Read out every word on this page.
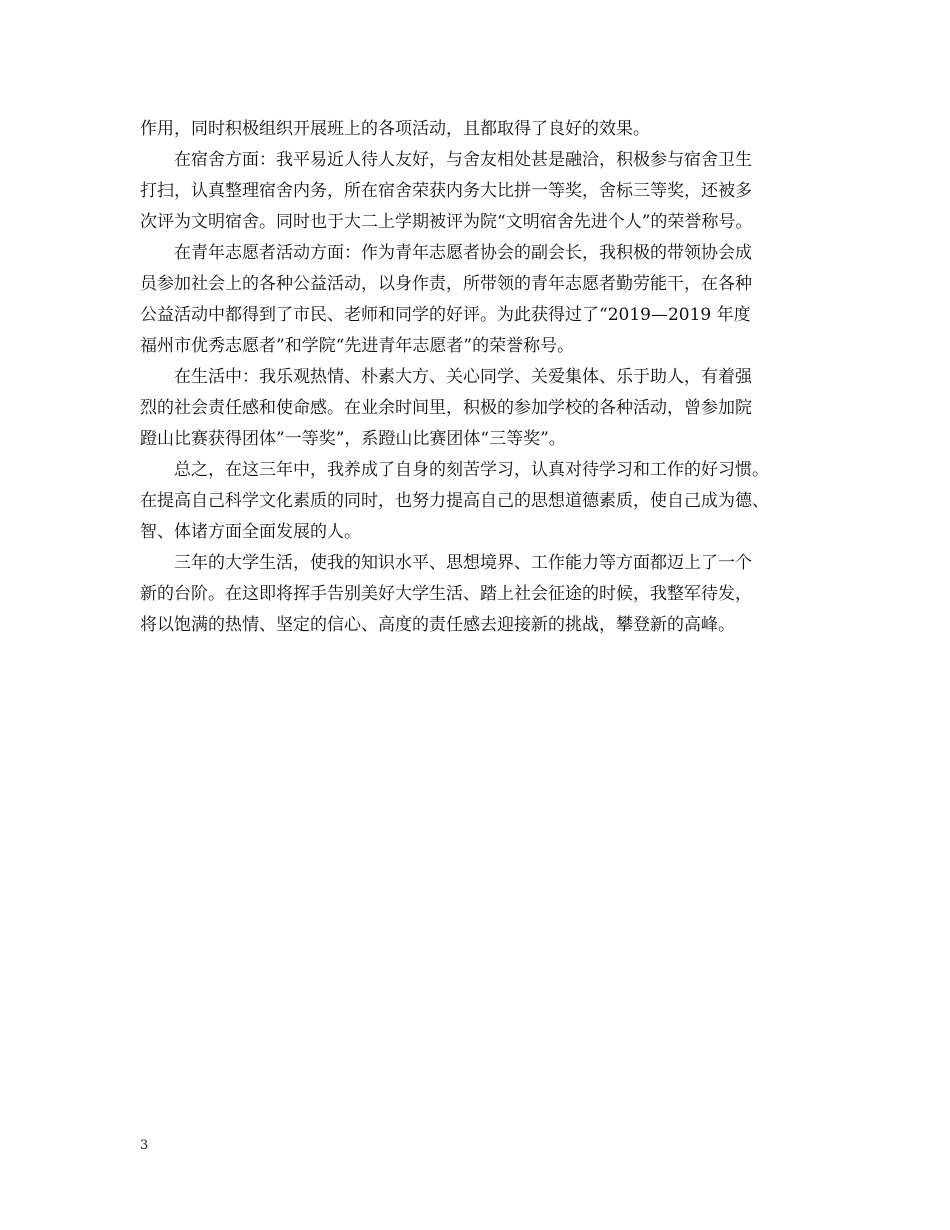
作用，同时积极组织开展班上的各项活动，且都取得了良好的效果。
　　在宿舍方面：我平易近人待人友好，与舍友相处甚是融洽，积极参与宿舍卫生
打扫，认真整理宿舍内务，所在宿舍荣获内务大比拼一等奖，舍标三等奖，还被多
次评为文明宿舍。同时也于大二上学期被评为院“文明宿舍先进个人”的荣誉称号。
　　在青年志愿者活动方面：作为青年志愿者协会的副会长，我积极的带领协会成
员参加社会上的各种公益活动，以身作责，所带领的青年志愿者勤劳能干，在各种
公益活动中都得到了市民、老师和同学的好评。为此获得过了“2019—2019 年度
福州市优秀志愿者”和学院“先进青年志愿者”的荣誉称号。
　　在生活中：我乐观热情、朴素大方、关心同学、关爱集体、乐于助人，有着强
烈的社会责任感和使命感。在业余时间里，积极的参加学校的各种活动，曾参加院
蹬山比赛获得团体”一等奖”，系蹬山比赛团体“三等奖”。
　　总之，在这三年中，我养成了自身的刻苦学习，认真对待学习和工作的好习惯。
在提高自己科学文化素质的同时，也努力提高自己的思想道德素质，使自己成为德、
智、体诸方面全面发展的人。
　　三年的大学生活，使我的知识水平、思想境界、工作能力等方面都迈上了一个
新的台阶。在这即将挥手告别美好大学生活、踏上社会征途的时候，我整军待发，
将以饱满的热情、坚定的信心、高度的责任感去迎接新的挑战，攀登新的高峰。
3
